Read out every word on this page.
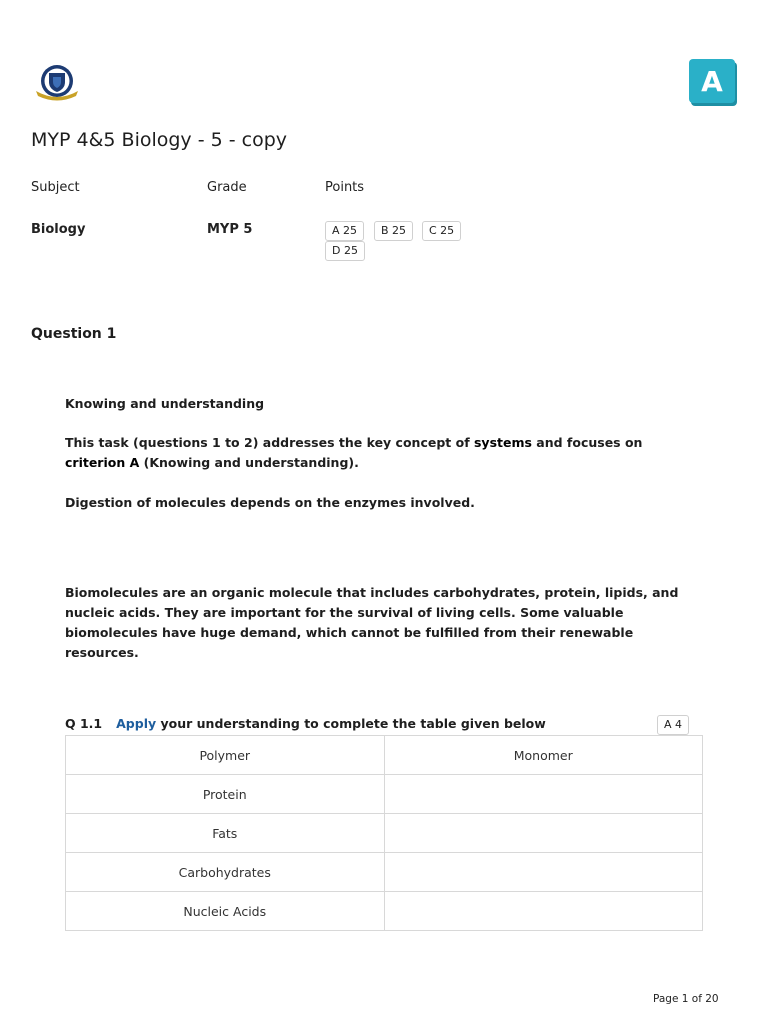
A
MYP 4&5 Biology - 5 - copy
Subject	Grade	Points
Biology	MYP 5	A 25	B 25	C 25
D 25
Question 1
Knowing and understanding
This task (questions 1 to 2) addresses the key concept of systems and focuses on criterion A (Knowing and understanding).
Digestion of molecules depends on the enzymes involved.
Biomolecules are an organic molecule that includes carbohydrates, protein, lipids, and nucleic acids. They are important for the survival of living cells. Some valuable biomolecules have huge demand, which cannot be fulfilled from their renewable resources.
Q 1.1 Apply your understanding to complete the table given below	A 4
Polymer	Monomer
Protein	
Fats	
Carbohydrates	
Nucleic Acids	
Page 1 of 20
